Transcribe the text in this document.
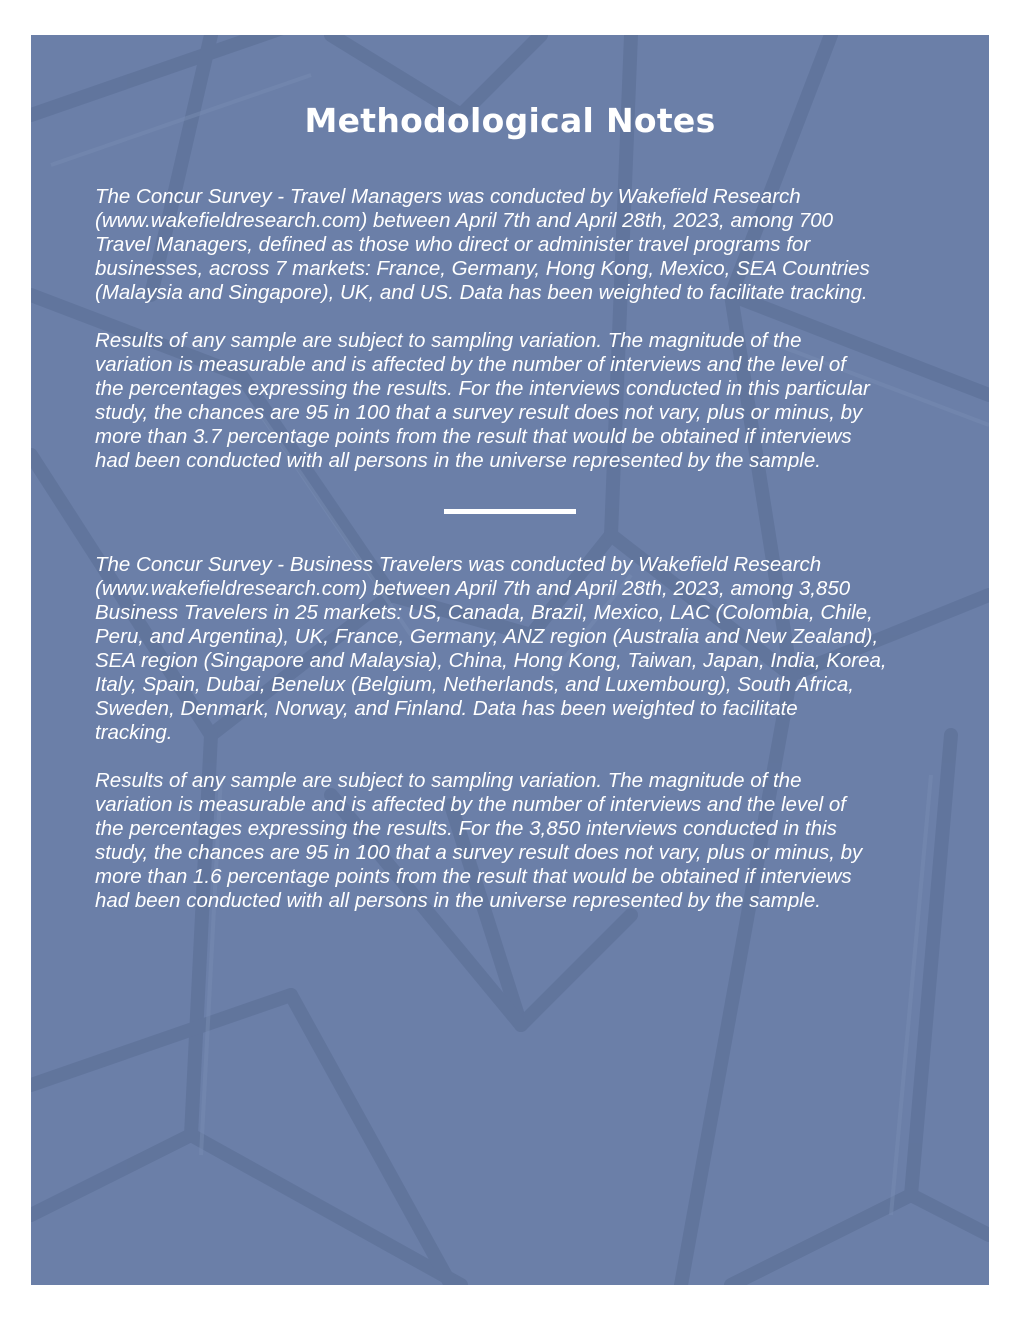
Methodological Notes

The Concur Survey - Travel Managers was conducted by Wakefield Research
(www.wakefieldresearch.com) between April 7th and April 28th, 2023, among 700
Travel Managers, defined as those who direct or administer travel programs for
businesses, across 7 markets: France, Germany, Hong Kong, Mexico, SEA Countries
(Malaysia and Singapore), UK, and US. Data has been weighted to facilitate tracking.

Results of any sample are subject to sampling variation. The magnitude of the
variation is measurable and is affected by the number of interviews and the level of
the percentages expressing the results. For the interviews conducted in this particular
study, the chances are 95 in 100 that a survey result does not vary, plus or minus, by
more than 3.7 percentage points from the result that would be obtained if interviews
had been conducted with all persons in the universe represented by the sample.

The Concur Survey - Business Travelers was conducted by Wakefield Research
(www.wakefieldresearch.com) between April 7th and April 28th, 2023, among 3,850
Business Travelers in 25 markets: US, Canada, Brazil, Mexico, LAC (Colombia, Chile,
Peru, and Argentina), UK, France, Germany, ANZ region (Australia and New Zealand),
SEA region (Singapore and Malaysia), China, Hong Kong, Taiwan, Japan, India, Korea,
Italy, Spain, Dubai, Benelux (Belgium, Netherlands, and Luxembourg), South Africa,
Sweden, Denmark, Norway, and Finland. Data has been weighted to facilitate
tracking.

Results of any sample are subject to sampling variation. The magnitude of the
variation is measurable and is affected by the number of interviews and the level of
the percentages expressing the results. For the 3,850 interviews conducted in this
study, the chances are 95 in 100 that a survey result does not vary, plus or minus, by
more than 1.6 percentage points from the result that would be obtained if interviews
had been conducted with all persons in the universe represented by the sample.
